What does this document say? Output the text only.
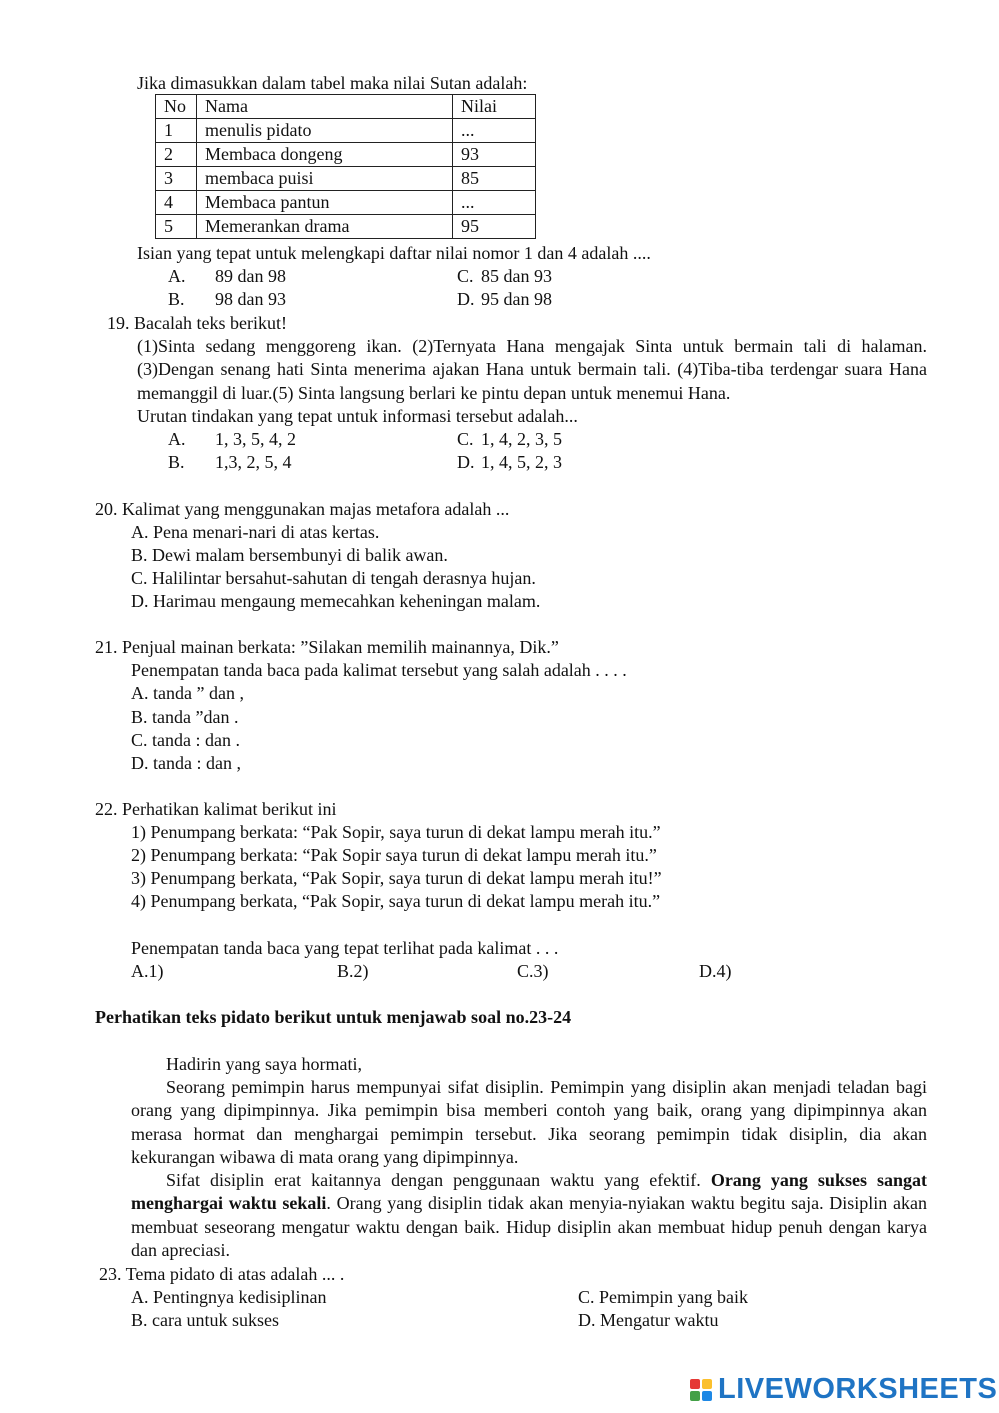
Jika dimasukkan dalam tabel maka nilai Sutan adalah:
No	Nama	Nilai
1	menulis pidato	...
2	Membaca dongeng	93
3	membaca puisi	85
4	Membaca pantun	...
5	Memerankan drama	95
Isian yang tepat untuk melengkapi daftar nilai nomor 1 dan 4 adalah ....
A. 89 dan 98	C. 85 dan 93
B. 98 dan 93	D. 95 dan 98
19. Bacalah teks berikut!
(1)Sinta sedang menggoreng ikan. (2)Ternyata Hana mengajak Sinta untuk bermain tali di halaman. (3)Dengan senang hati Sinta menerima ajakan Hana untuk bermain tali. (4)Tiba-tiba terdengar suara Hana memanggil di luar.(5) Sinta langsung berlari ke pintu depan untuk menemui Hana.
Urutan tindakan yang tepat untuk informasi tersebut adalah...
A. 1, 3, 5, 4, 2	C. 1, 4, 2, 3, 5
B. 1,3, 2, 5, 4	D. 1, 4, 5, 2, 3
20. Kalimat yang menggunakan majas metafora adalah ...
A. Pena menari-nari di atas kertas.
B. Dewi malam bersembunyi di balik awan.
C. Halilintar bersahut-sahutan di tengah derasnya hujan.
D. Harimau mengaung memecahkan keheningan malam.
21. Penjual mainan berkata: ”Silakan memilih mainannya, Dik.”
Penempatan tanda baca pada kalimat tersebut yang salah adalah . . . .
A. tanda ” dan ,
B. tanda ”dan .
C. tanda : dan .
D. tanda : dan ,
22. Perhatikan kalimat berikut ini
1) Penumpang berkata: “Pak Sopir, saya turun di dekat lampu merah itu.”
2) Penumpang berkata: “Pak Sopir saya turun di dekat lampu merah itu.”
3) Penumpang berkata, “Pak Sopir, saya turun di dekat lampu merah itu!”
4) Penumpang berkata, “Pak Sopir, saya turun di dekat lampu merah itu.”
Penempatan tanda baca yang tepat terlihat pada kalimat . . .
A.1)	B.2)	C.3)	D.4)
Perhatikan teks pidato berikut untuk menjawab soal no.23-24
Hadirin yang saya hormati,
Seorang pemimpin harus mempunyai sifat disiplin. Pemimpin yang disiplin akan menjadi teladan bagi orang yang dipimpinnya. Jika pemimpin bisa memberi contoh yang baik, orang yang dipimpinnya akan merasa hormat dan menghargai pemimpin tersebut. Jika seorang pemimpin tidak disiplin, dia akan kekurangan wibawa di mata orang yang dipimpinnya.
Sifat disiplin erat kaitannya dengan penggunaan waktu yang efektif. Orang yang sukses sangat menghargai waktu sekali. Orang yang disiplin tidak akan menyia-nyiakan waktu begitu saja. Disiplin akan membuat seseorang mengatur waktu dengan baik. Hidup disiplin akan membuat hidup penuh dengan karya dan apreciasi.
23. Tema pidato di atas adalah ... .
A. Pentingnya kedisiplinan	C. Pemimpin yang baik
B. cara untuk sukses	D. Mengatur waktu
LIVEWORKSHEETS
